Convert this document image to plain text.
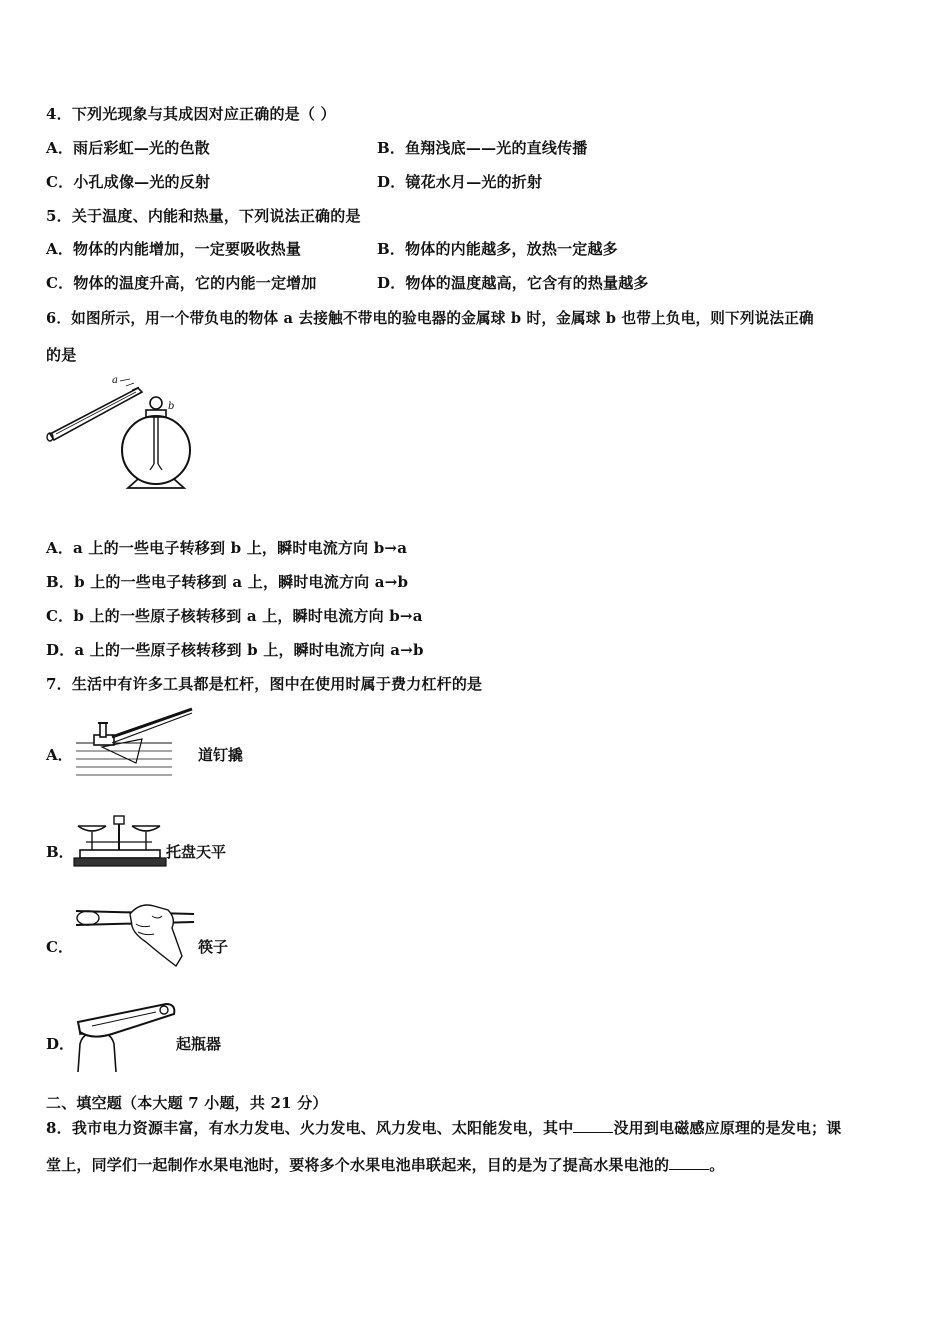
4．下列光现象与其成因对应正确的是（ ）
A．雨后彩虹—光的色散	B．鱼翔浅底——光的直线传播
C．小孔成像—光的反射	D．镜花水月—光的折射
5．关于温度、内能和热量，下列说法正确的是
A．物体的内能增加，一定要吸收热量	B．物体的内能越多，放热一定越多
C．物体的温度升高，它的内能一定增加	D．物体的温度越高，它含有的热量越多
6．如图所示，用一个带负电的物体 a 去接触不带电的验电器的金属球 b 时，金属球 b 也带上负电，则下列说法正确
的是
a
b
A．a 上的一些电子转移到 b 上，瞬时电流方向 b→a
B．b 上的一些电子转移到 a 上，瞬时电流方向 a→b
C．b 上的一些原子核转移到 a 上，瞬时电流方向 b→a
D．a 上的一些原子核转移到 b 上，瞬时电流方向 a→b
7．生活中有许多工具都是杠杆，图中在使用时属于费力杠杆的是
A．	道钉撬
B．	托盘天平
C．	筷子
D．	起瓶器
二、填空题（本大题 7 小题，共 21 分）
8．我市电力资源丰富，有水力发电、火力发电、风力发电、太阳能发电，其中	没用到电磁感应原理的是发电；课
堂上，同学们一起制作水果电池时，要将多个水果电池串联起来，目的是为了提高水果电池的	。
